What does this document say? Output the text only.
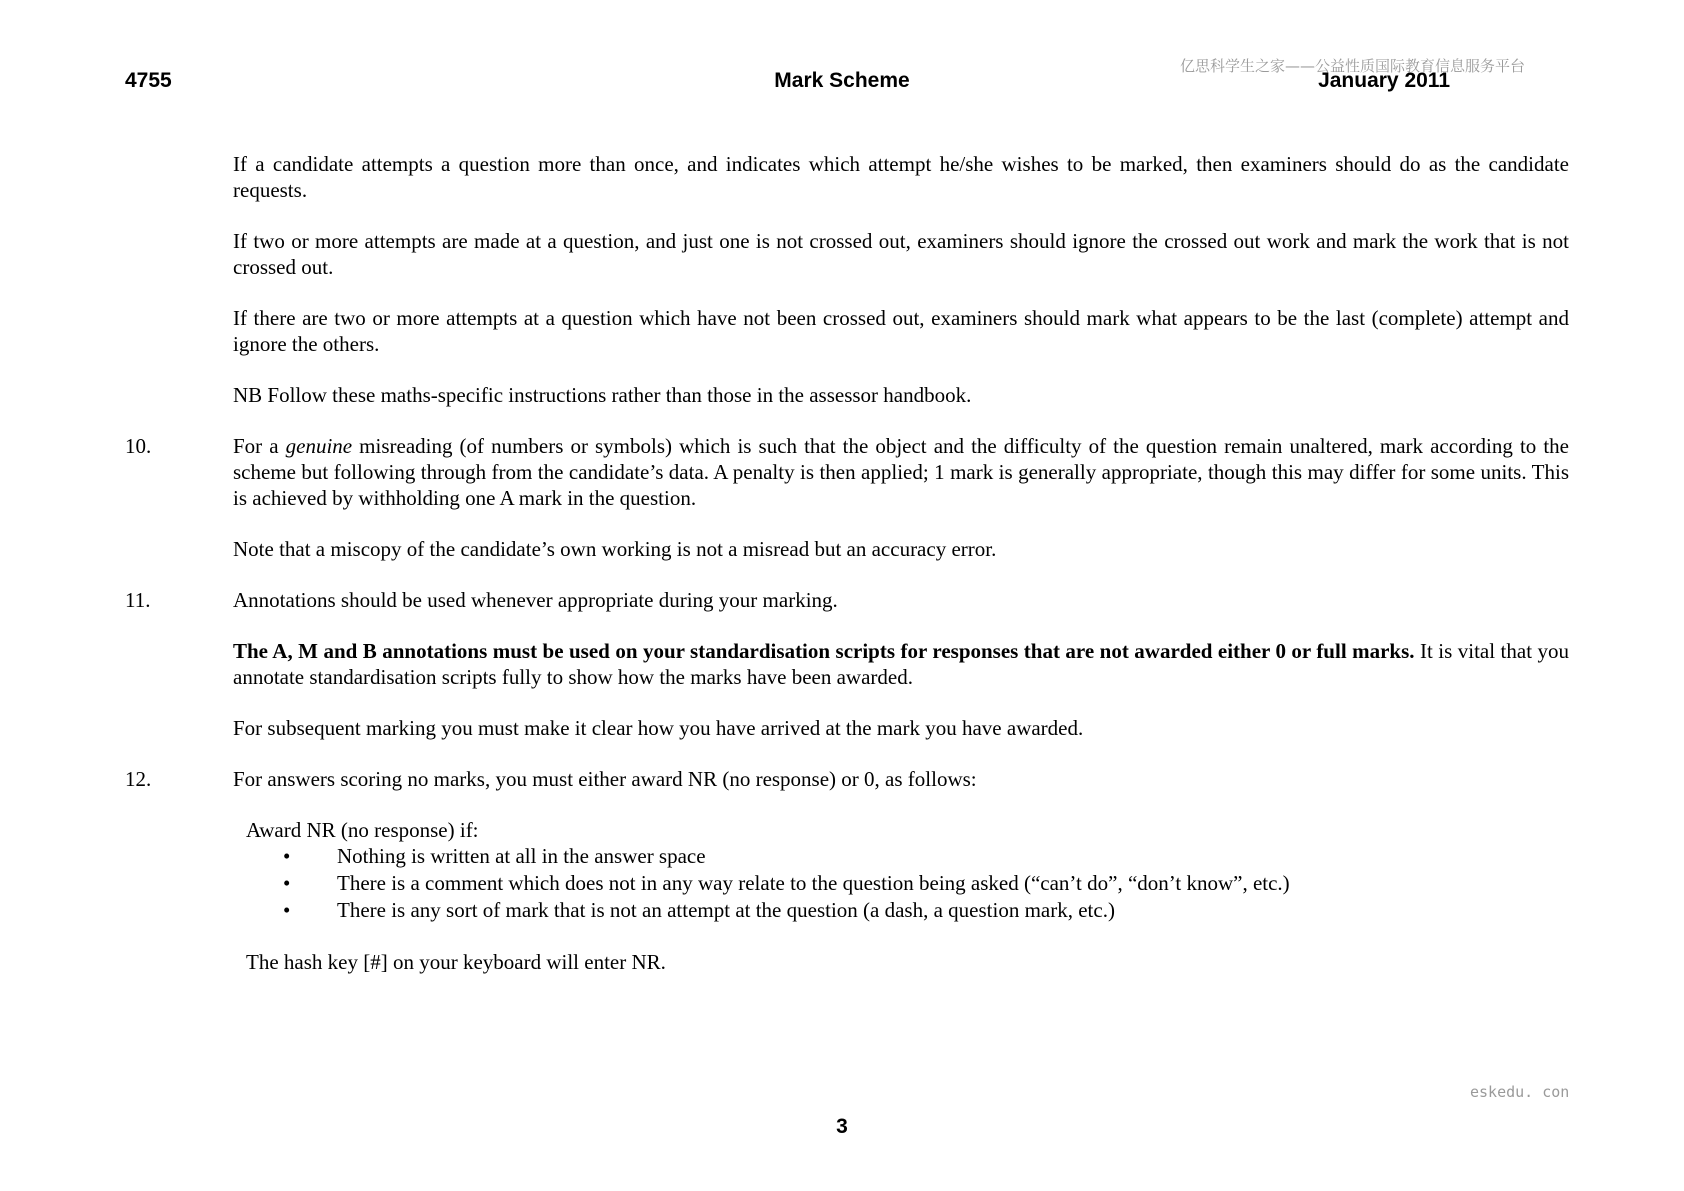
4755	Mark Scheme	January 2011
亿思科学生之家——公益性质国际教育信息服务平台

If a candidate attempts a question more than once, and indicates which attempt he/she wishes to be marked, then examiners should do as the candidate requests.

If two or more attempts are made at a question, and just one is not crossed out, examiners should ignore the crossed out work and mark the work that is not crossed out.

If there are two or more attempts at a question which have not been crossed out, examiners should mark what appears to be the last (complete) attempt and ignore the others.

NB Follow these maths-specific instructions rather than those in the assessor handbook.

10.	For a genuine misreading (of numbers or symbols) which is such that the object and the difficulty of the question remain unaltered, mark according to the scheme but following through from the candidate’s data. A penalty is then applied; 1 mark is generally appropriate, though this may differ for some units. This is achieved by withholding one A mark in the question.

Note that a miscopy of the candidate’s own working is not a misread but an accuracy error.

11.	Annotations should be used whenever appropriate during your marking.

The A, M and B annotations must be used on your standardisation scripts for responses that are not awarded either 0 or full marks. It is vital that you annotate standardisation scripts fully to show how the marks have been awarded.

For subsequent marking you must make it clear how you have arrived at the mark you have awarded.

12.	For answers scoring no marks, you must either award NR (no response) or 0, as follows:

Award NR (no response) if:
• Nothing is written at all in the answer space
• There is a comment which does not in any way relate to the question being asked (“can’t do”, “don’t know”, etc.)
• There is any sort of mark that is not an attempt at the question (a dash, a question mark, etc.)
The hash key [#] on your keyboard will enter NR.
eskedu. con
3
